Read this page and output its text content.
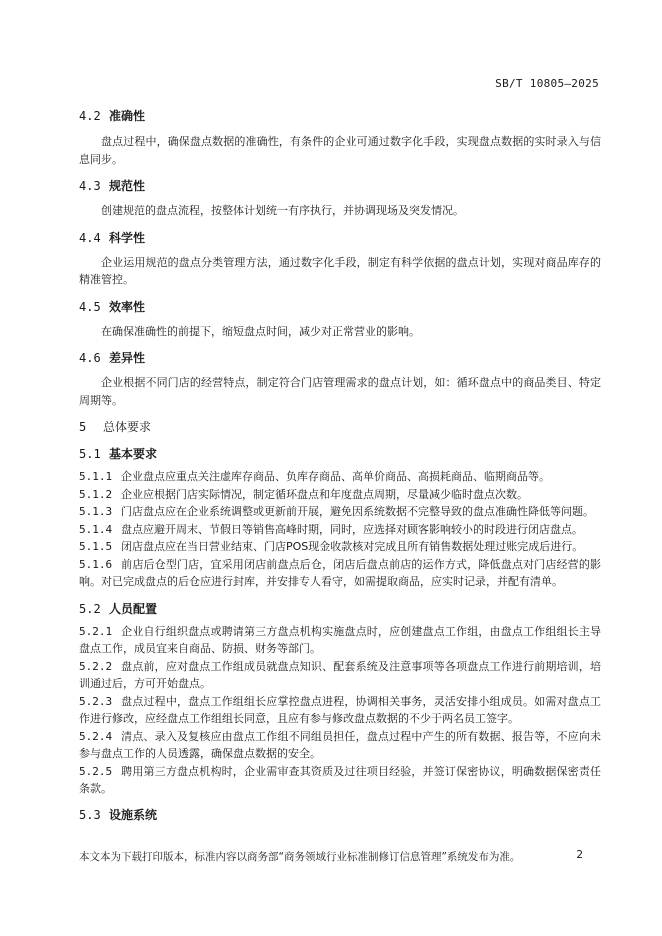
SB/T 10805—2025
4.2 准确性

盘点过程中，确保盘点数据的准确性，有条件的企业可通过数字化手段，实现盘点数据的实时录入与信息同步。

4.3 规范性

创建规范的盘点流程，按整体计划统一有序执行，并协调现场及突发情况。

4.4 科学性

企业运用规范的盘点分类管理方法，通过数字化手段，制定有科学依据的盘点计划，实现对商品库存的精准管控。

4.5 效率性

在确保准确性的前提下，缩短盘点时间，减少对正常营业的影响。

4.6 差异性

企业根据不同门店的经营特点，制定符合门店管理需求的盘点计划，如：循环盘点中的商品类目、特定周期等。

5	总体要求
5.1 基本要求

5.1.1 企业盘点应重点关注虚库存商品、负库存商品、高单价商品、高损耗商品、临期商品等。

5.1.2 企业应根据门店实际情况，制定循环盘点和年度盘点周期，尽量减少临时盘点次数。

5.1.3 门店盘点应在企业系统调整或更新前开展，避免因系统数据不完整导致的盘点准确性降低等问题。

5.1.4 盘点应避开周末、节假日等销售高峰时期，同时，应选择对顾客影响较小的时段进行闭店盘点。

5.1.5 闭店盘点应在当日营业结束、门店POS现金收款核对完成且所有销售数据处理过账完成后进行。

5.1.6 前店后仓型门店，宜采用闭店前盘点后仓，闭店后盘点前店的运作方式，降低盘点对门店经营的影响。对已完成盘点的后仓应进行封库，并安排专人看守，如需提取商品，应实时记录，并配有清单。

5.2 人员配置

5.2.1 企业自行组织盘点或聘请第三方盘点机构实施盘点时，应创建盘点工作组，由盘点工作组组长主导盘点工作，成员宜来自商品、防损、财务等部门。

5.2.2 盘点前，应对盘点工作组成员就盘点知识、配套系统及注意事项等各项盘点工作进行前期培训，培训通过后，方可开始盘点。

5.2.3 盘点过程中，盘点工作组组长应掌控盘点进程，协调相关事务，灵活安排小组成员。如需对盘点工作进行修改，应经盘点工作组组长同意，且应有参与修改盘点数据的不少于两名员工签字。

5.2.4 清点、录入及复核应由盘点工作组不同组员担任，盘点过程中产生的所有数据、报告等，不应向未参与盘点工作的人员透露，确保盘点数据的安全。

5.2.5 聘用第三方盘点机构时，企业需审查其资质及过往项目经验，并签订保密协议，明确数据保密责任条款。

5.3 设施系统
本文本为下载打印版本，标准内容以商务部“商务领域行业标准制修订信息管理”系统发布为准。	2
